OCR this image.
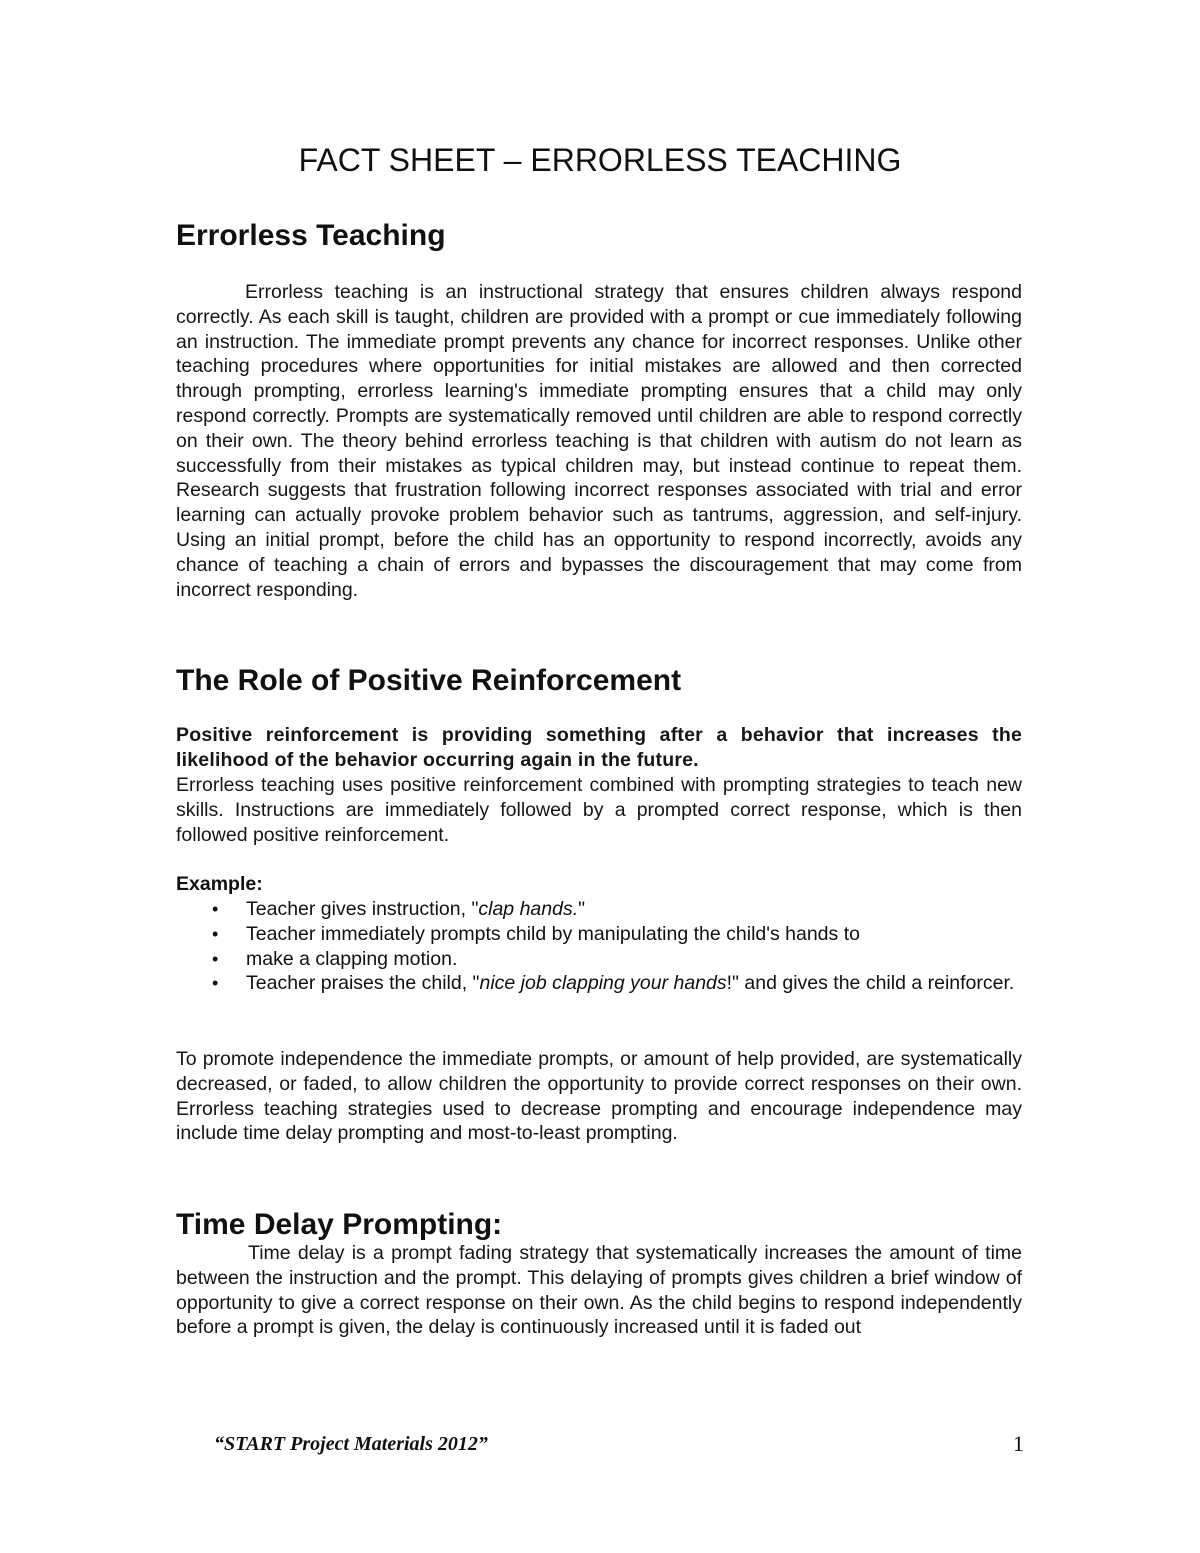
FACT SHEET – ERRORLESS TEACHING
Errorless Teaching

Errorless teaching is an instructional strategy that ensures children always respond correctly. As each skill is taught, children are provided with a prompt or cue immediately following an instruction. The immediate prompt prevents any chance for incorrect responses. Unlike other teaching procedures where opportunities for initial mistakes are allowed and then corrected through prompting, errorless learning's immediate prompting ensures that a child may only respond correctly. Prompts are systematically removed until children are able to respond correctly on their own. The theory behind errorless teaching is that children with autism do not learn as successfully from their mistakes as typical children may, but instead continue to repeat them. Research suggests that frustration following incorrect responses associated with trial and error learning can actually provoke problem behavior such as tantrums, aggression, and self-injury. Using an initial prompt, before the child has an opportunity to respond incorrectly, avoids any chance of teaching a chain of errors and bypasses the discouragement that may come from incorrect responding.

The Role of Positive Reinforcement

Positive reinforcement is providing something after a behavior that increases the likelihood of the behavior occurring again in the future.

Errorless teaching uses positive reinforcement combined with prompting strategies to teach new skills. Instructions are immediately followed by a prompted correct response, which is then followed positive reinforcement.

Example:

• Teacher gives instruction, "clap hands."
• Teacher immediately prompts child by manipulating the child's hands to
• make a clapping motion.
• Teacher praises the child, "nice job clapping your hands!" and gives the child a reinforcer.

To promote independence the immediate prompts, or amount of help provided, are systematically decreased, or faded, to allow children the opportunity to provide correct responses on their own. Errorless teaching strategies used to decrease prompting and encourage independence may include time delay prompting and most-to-least prompting.

Time Delay Prompting:

Time delay is a prompt fading strategy that systematically increases the amount of time between the instruction and the prompt. This delaying of prompts gives children a brief window of opportunity to give a correct response on their own. As the child begins to respond independently before a prompt is given, the delay is continuously increased until it is faded out

“START Project Materials 2012”	1
